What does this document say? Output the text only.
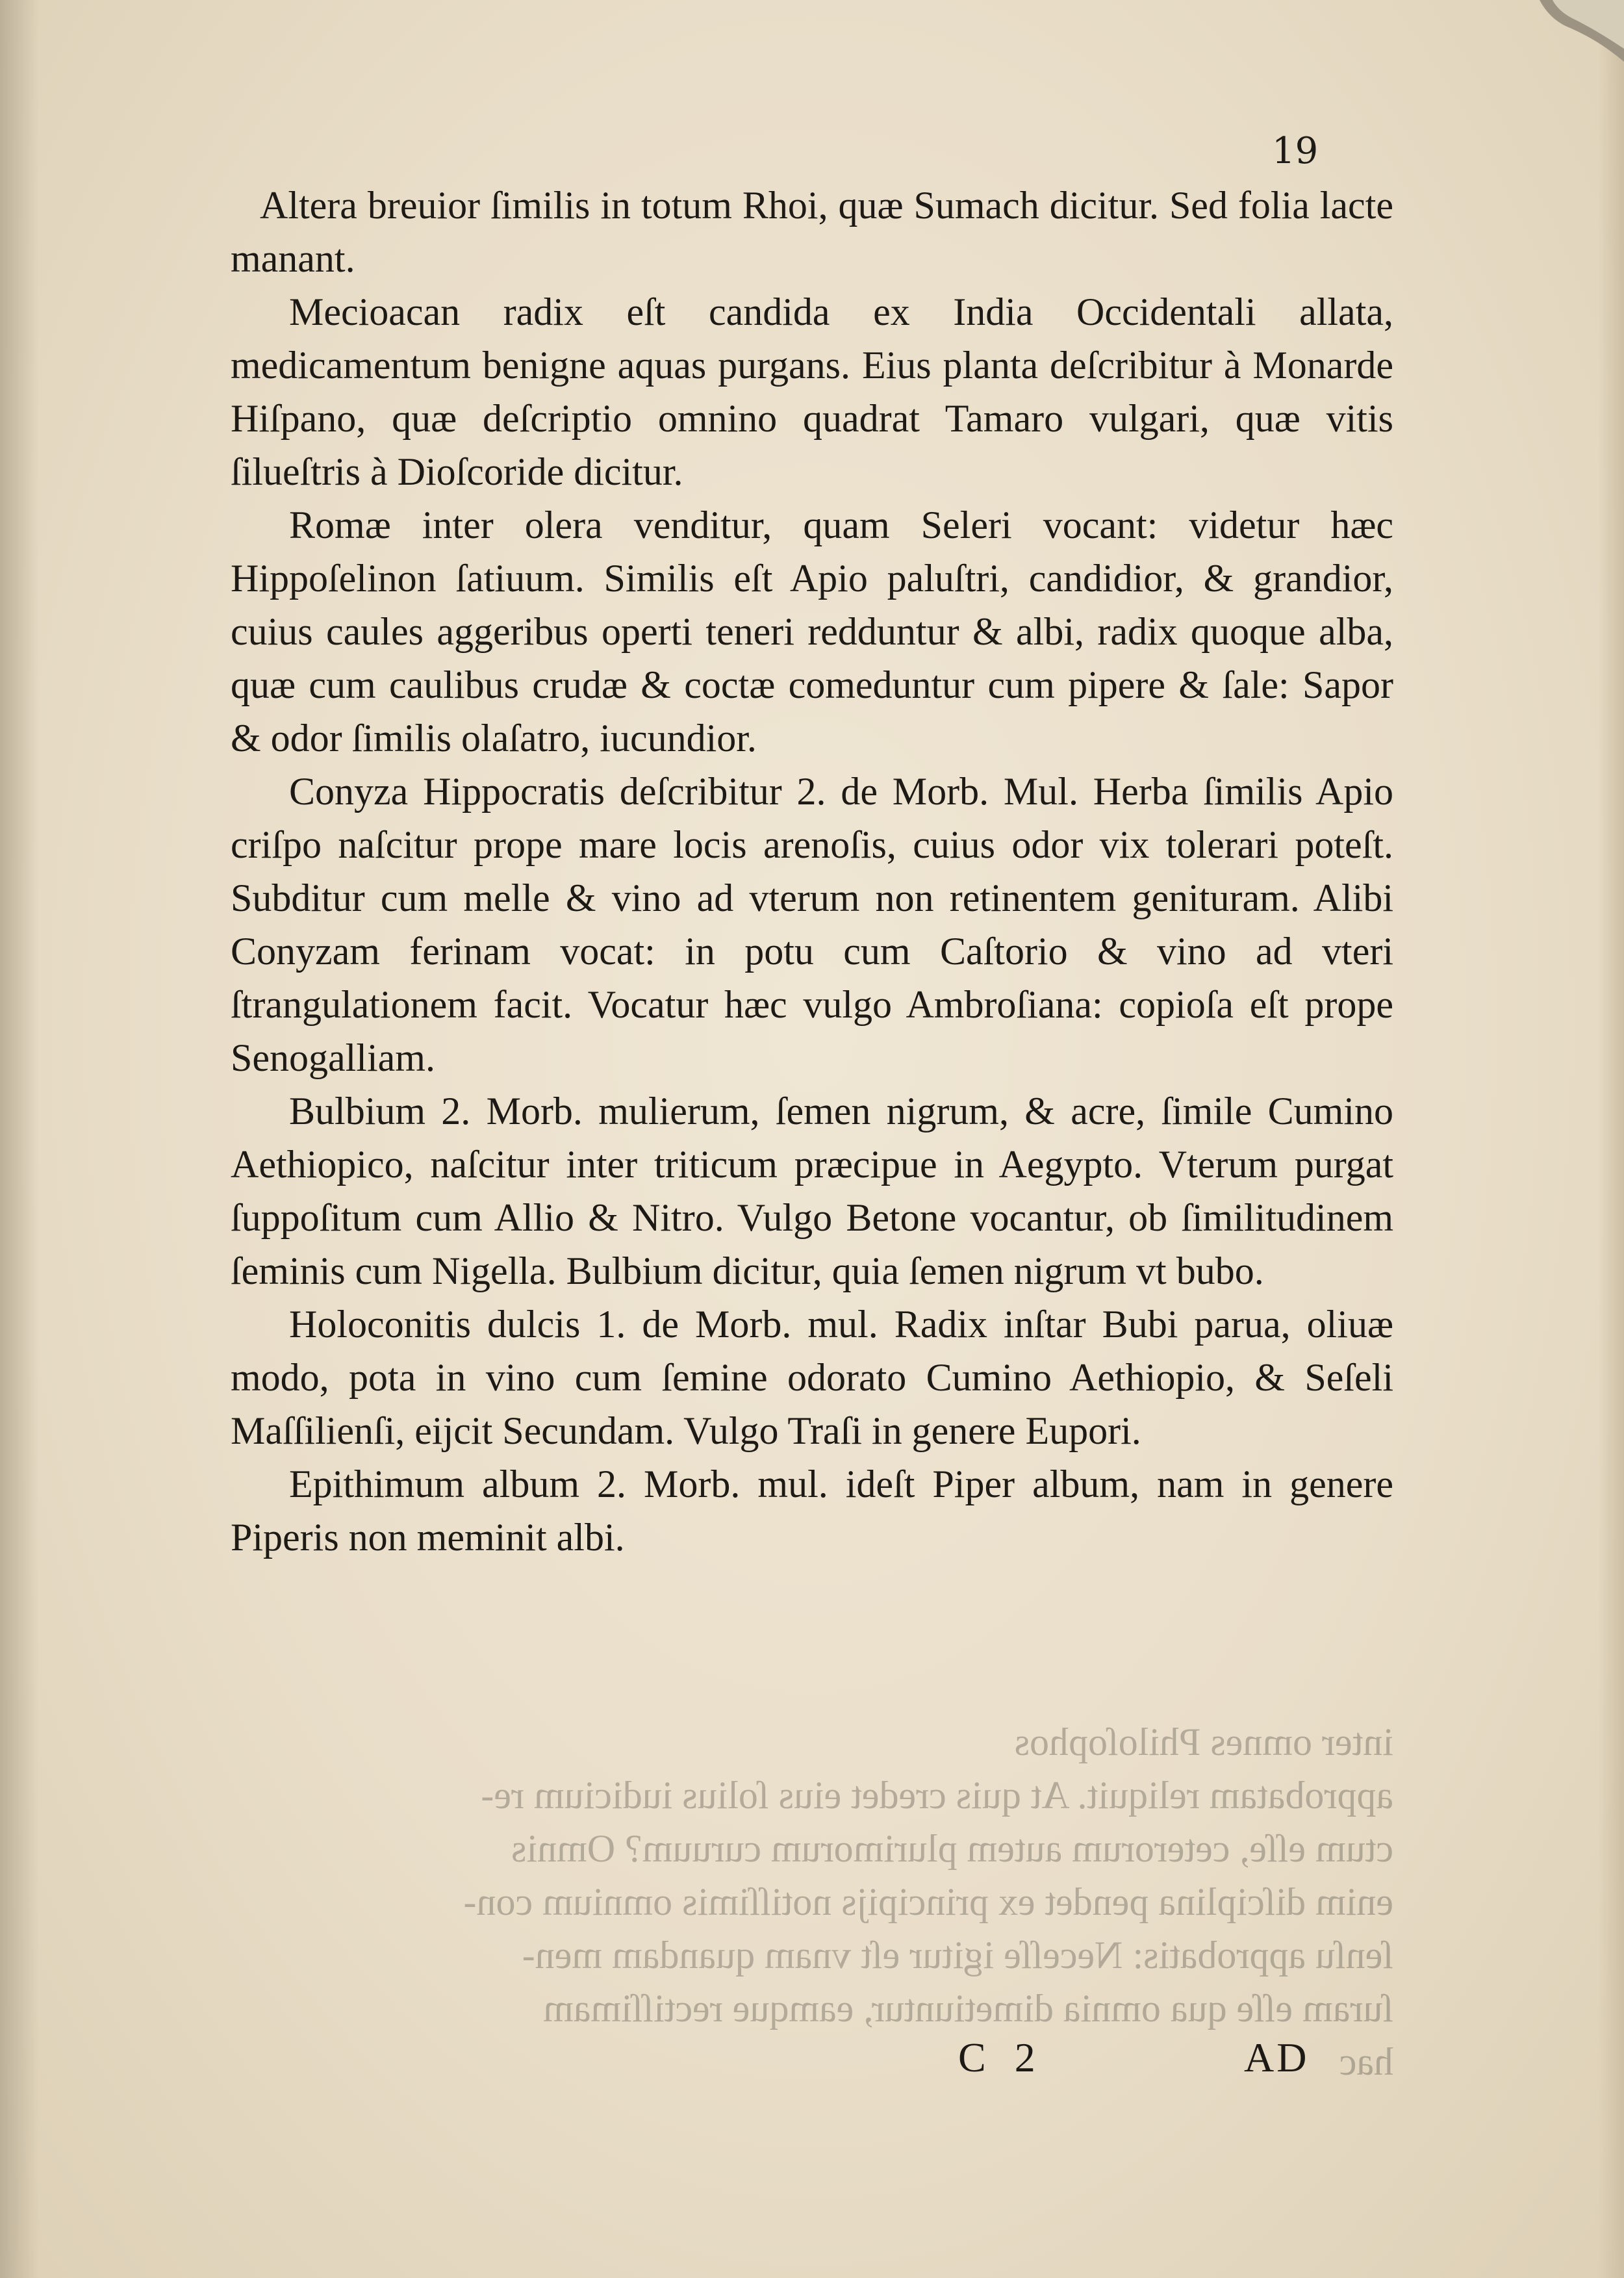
19

Altera breuior ſimilis in totum Rhoi, quæ Sumach dicitur. Sed folia lacte manant.

Mecioacan radix eſt candida ex India Occidentali allata, medicamentum benigne aquas purgans. Eius planta deſcribitur à Monarde Hiſpano, quæ deſcriptio omnino quadrat Tamaro vulgari, quæ vitis ſilueſtris à Dioſcoride dicitur.

Romæ inter olera venditur, quam Seleri vocant: videtur hæc Hippoſelinon ſatiuum. Similis eſt Apio paluſtri, candidior, & grandior, cuius caules aggeribus operti teneri redduntur & albi, radix quoque alba, quæ cum caulibus crudæ & coctæ comeduntur cum pipere & ſale: Sapor & odor ſimilis olaſatro, iucundior.

Conyza Hippocratis deſcribitur 2. de Morb. Mul. Herba ſimilis Apio criſpo naſcitur prope mare locis arenoſis, cuius odor vix tolerari poteſt. Subditur cum melle & vino ad vterum non retinentem genituram. Alibi Conyzam ferinam vocat: in potu cum Caſtorio & vino ad vteri ſtrangulationem facit. Vocatur hæc vulgo Ambroſiana: copioſa eſt prope Senogalliam.

Bulbium 2. Morb. mulierum, ſemen nigrum, & acre, ſimile Cumino Aethiopico, naſcitur inter triticum præcipue in Aegypto. Vterum purgat ſuppoſitum cum Allio & Nitro. Vulgo Betone vocantur, ob ſimilitudinem ſeminis cum Nigella. Bulbium dicitur, quia ſemen nigrum vt bubo.

Holoconitis dulcis 1. de Morb. mul. Radix inſtar Bubi parua, oliuæ modo, pota in vino cum ſemine odorato Cumino Aethiopio, & Seſeli Maſſilienſi, eijcit Secundam. Vulgo Traſi in genere Eupori.

Epithimum album 2. Morb. mul. ideſt Piper album, nam in genere Piperis non meminit albi.

inter omnes Philoſophos

approbatam reliquit. At quis credet eius ſolius iudicium re-

ctum eſſe, ceterorum autem plurimorum curuum? Omnis

enim diſciplina pendet ex principijs notiſſimis omnium con-

ſenſu approbatis: Neceſſe igitur eſt vnam quandam men-

ſuram eſſe qua omnia dimetiuntur, eamque rectiſſimam

hac

C 2	AD
